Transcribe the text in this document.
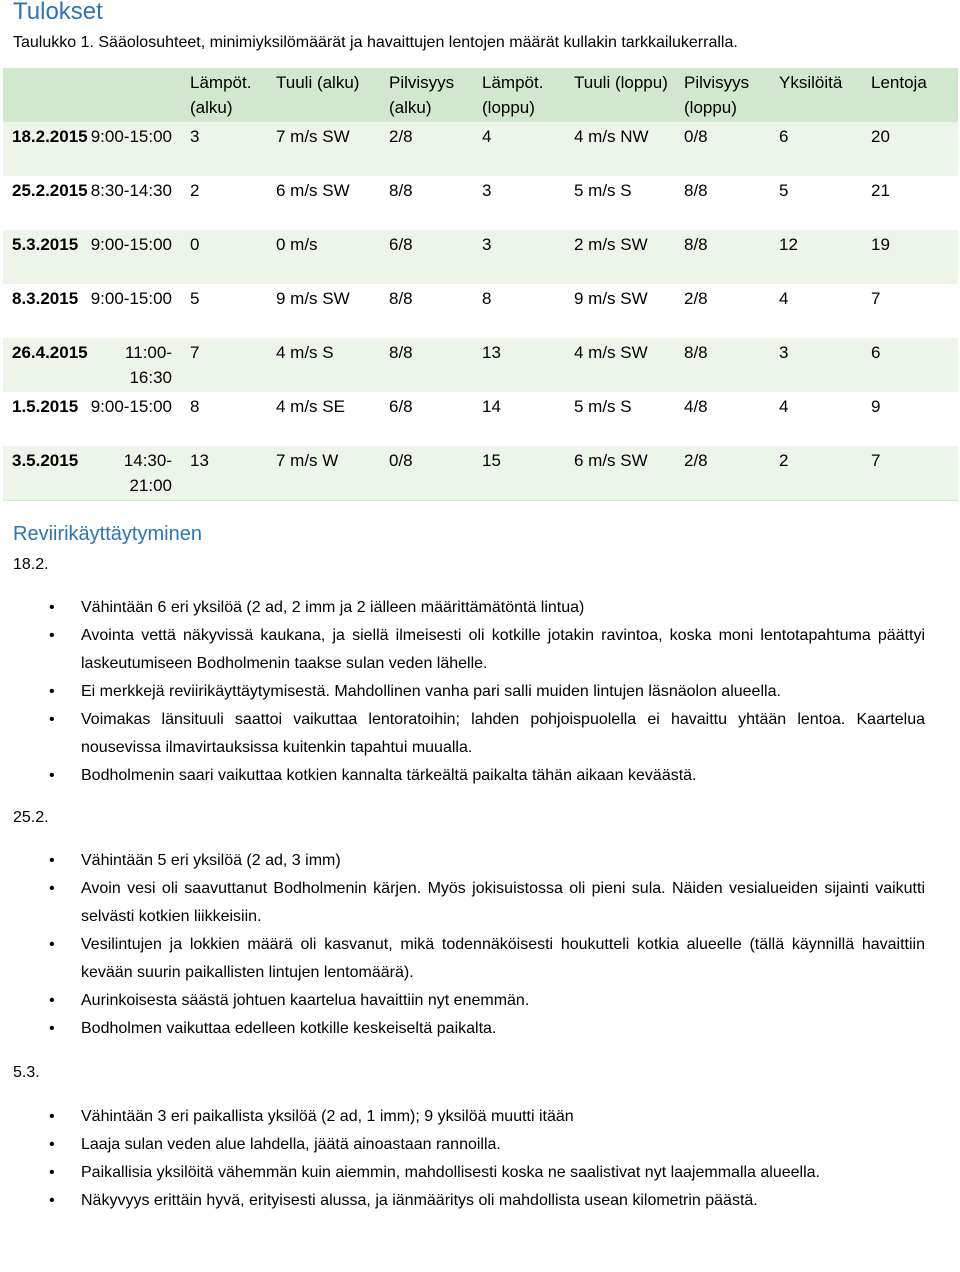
Tulokset
Taulukko 1. Sääolosuhteet, minimiyksilömäärät ja havaittujen lentojen määrät kullakin tarkkailukerralla.
		Lämpöt. (alku)	Tuuli (alku)	Pilvisyys (alku)	Lämpöt. (loppu)	Tuuli (loppu)	Pilvisyys (loppu)	Yksilöitä	Lentoja
18.2.2015	9:00-15:00	3	7 m/s SW	2/8	4	4 m/s NW	0/8	6	20
25.2.2015	8:30-14:30	2	6 m/s SW	8/8	3	5 m/s S	8/8	5	21
5.3.2015	9:00-15:00	0	0 m/s	6/8	3	2 m/s SW	8/8	12	19
8.3.2015	9:00-15:00	5	9 m/s SW	8/8	8	9 m/s SW	2/8	4	7
26.4.2015	11:00-16:30	7	4 m/s S	8/8	13	4 m/s SW	8/8	3	6
1.5.2015	9:00-15:00	8	4 m/s SE	6/8	14	5 m/s S	4/8	4	9
3.5.2015	14:30-21:00	13	7 m/s W	0/8	15	6 m/s SW	2/8	2	7
Reviirikäyttäytyminen
18.2.
• Vähintään 6 eri yksilöä (2 ad, 2 imm ja 2 iälleen määrittämätöntä lintua)
• Avointa vettä näkyvissä kaukana, ja siellä ilmeisesti oli kotkille jotakin ravintoa, koska moni lentotapahtuma päättyi laskeutumiseen Bodholmenin taakse sulan veden lähelle.
• Ei merkkejä reviirikäyttäytymisestä. Mahdollinen vanha pari salli muiden lintujen läsnäolon alueella.
• Voimakas länsituuli saattoi vaikuttaa lentoratoihin; lahden pohjoispuolella ei havaittu yhtään lentoa. Kaartelua nousevissa ilmavirtauksissa kuitenkin tapahtui muualla.
• Bodholmenin saari vaikuttaa kotkien kannalta tärkeältä paikalta tähän aikaan keväästä.
25.2.
• Vähintään 5 eri yksilöä (2 ad, 3 imm)
• Avoin vesi oli saavuttanut Bodholmenin kärjen. Myös jokisuistossa oli pieni sula. Näiden vesialueiden sijainti vaikutti selvästi kotkien liikkeisiin.
• Vesilintujen ja lokkien määrä oli kasvanut, mikä todennäköisesti houkutteli kotkia alueelle (tällä käynnillä havaittiin kevään suurin paikallisten lintujen lentomäärä).
• Aurinkoisesta säästä johtuen kaartelua havaittiin nyt enemmän.
• Bodholmen vaikuttaa edelleen kotkille keskeiseltä paikalta.
5.3.
• Vähintään 3 eri paikallista yksilöä (2 ad, 1 imm); 9 yksilöä muutti itään
• Laaja sulan veden alue lahdella, jäätä ainoastaan rannoilla.
• Paikallisia yksilöitä vähemmän kuin aiemmin, mahdollisesti koska ne saalistivat nyt laajemmalla alueella.
• Näkyvyys erittäin hyvä, erityisesti alussa, ja iänmääritys oli mahdollista usean kilometrin päästä.
